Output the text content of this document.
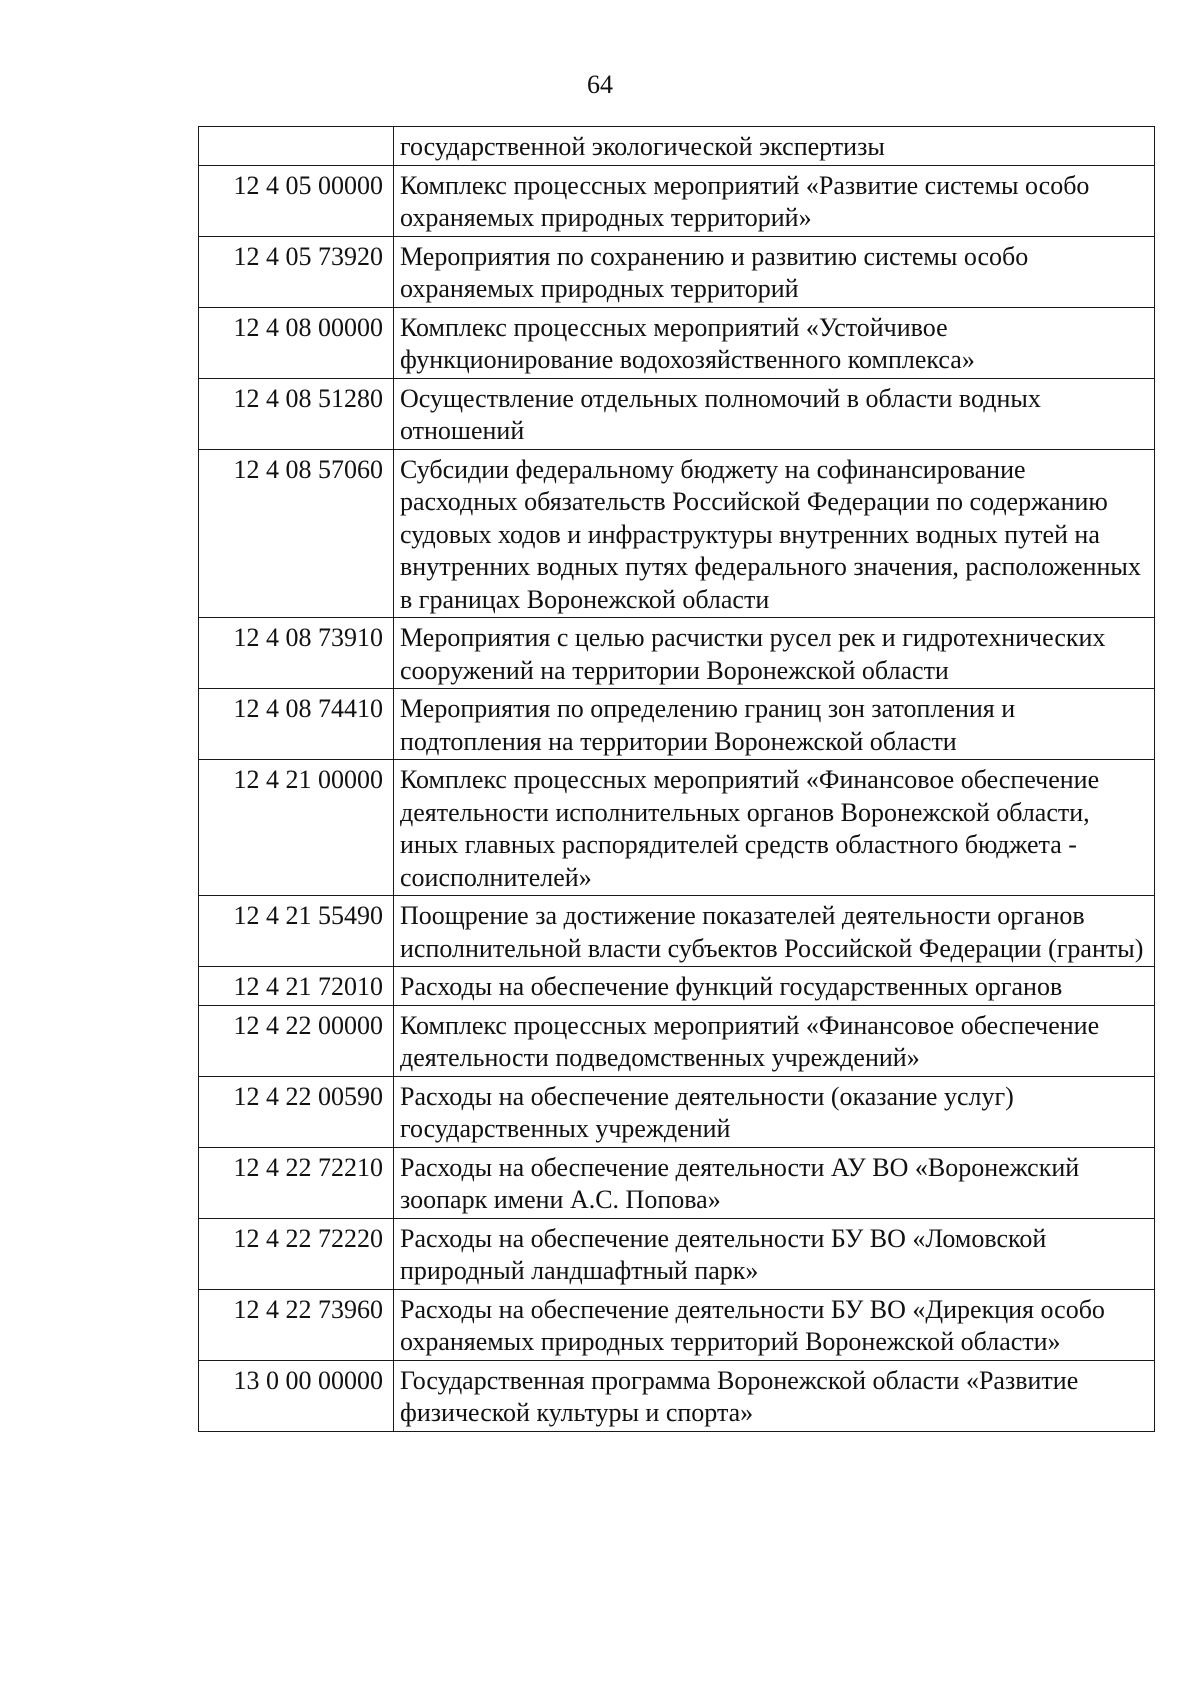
64
	государственной экологической экспертизы
12 4 05 00000	Комплекс процессных мероприятий «Развитие системы особо охраняемых природных территорий»
12 4 05 73920	Мероприятия по сохранению и развитию системы особо охраняемых природных территорий
12 4 08 00000	Комплекс процессных мероприятий «Устойчивое функционирование водохозяйственного комплекса»
12 4 08 51280	Осуществление отдельных полномочий в области водных отношений
12 4 08 57060	Субсидии федеральному бюджету на софинансирование расходных обязательств Российской Федерации по содержанию судовых ходов и инфраструктуры внутренних водных путей на внутренних водных путях федерального значения, расположенных в границах Воронежской области
12 4 08 73910	Мероприятия с целью расчистки русел рек и гидротехнических сооружений на территории Воронежской области
12 4 08 74410	Мероприятия по определению границ зон затопления и подтопления на территории Воронежской области
12 4 21 00000	Комплекс процессных мероприятий «Финансовое обеспечение деятельности исполнительных органов Воронежской области, иных главных распорядителей средств областного бюджета - соисполнителей»
12 4 21 55490	Поощрение за достижение показателей деятельности органов исполнительной власти субъектов Российской Федерации (гранты)
12 4 21 72010	Расходы на обеспечение функций государственных органов
12 4 22 00000	Комплекс процессных мероприятий «Финансовое обеспечение деятельности подведомственных учреждений»
12 4 22 00590	Расходы на обеспечение деятельности (оказание услуг) государственных учреждений
12 4 22 72210	Расходы на обеспечение деятельности АУ ВО «Воронежский зоопарк имени А.С. Попова»
12 4 22 72220	Расходы на обеспечение деятельности БУ ВО «Ломовской природный ландшафтный парк»
12 4 22 73960	Расходы на обеспечение деятельности БУ ВО «Дирекция особо охраняемых природных территорий Воронежской области»
13 0 00 00000	Государственная программа Воронежской области «Развитие физической культуры и спорта»
